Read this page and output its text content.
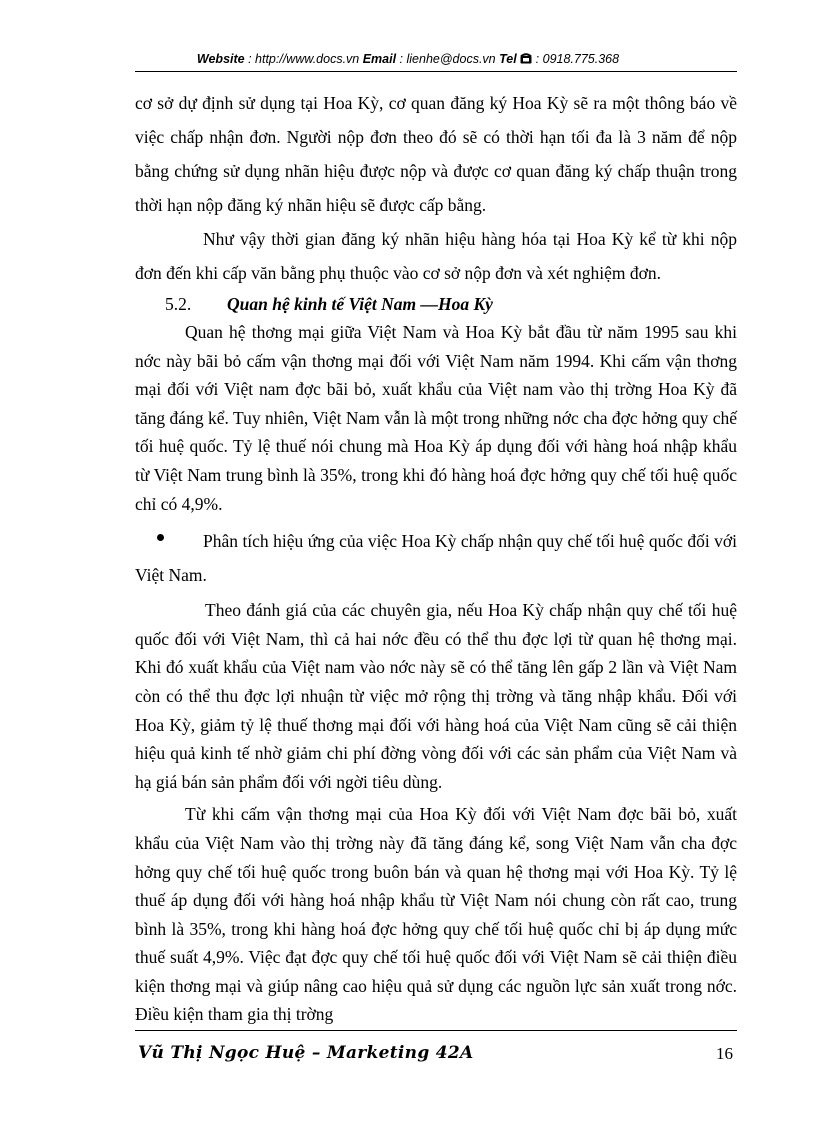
Website : http://www.docs.vn Email : lienhe@docs.vn Tel  : 0918.775.368

cơ sở dự định sử dụng tại Hoa Kỳ, cơ quan đăng ký Hoa Kỳ sẽ ra một thông báo về việc chấp nhận đơn. Người nộp đơn theo đó sẽ có thời hạn tối đa là 3 năm để nộp bằng chứng sử dụng nhãn hiệu được nộp và được cơ quan đăng ký chấp thuận trong thời hạn nộp đăng ký nhãn hiệu sẽ được cấp bằng.

Như vậy thời gian đăng ký nhãn hiệu hàng hóa tại Hoa Kỳ kể từ khi nộp đơn đến khi cấp văn bằng phụ thuộc vào cơ sở nộp đơn và xét nghiệm đơn.

5.2. Quan hệ kinh tế Việt Nam —Hoa Kỳ

Quan hệ thơng mại giữa Việt Nam và Hoa Kỳ bắt đầu từ năm 1995 sau khi nớc này bãi bỏ cấm vận thơng mại đối với Việt Nam năm 1994. Khi cấm vận thơng mại đối với Việt nam đợc bãi bỏ, xuất khẩu của Việt nam vào thị trờng Hoa Kỳ đã tăng đáng kể. Tuy nhiên, Việt Nam vẫn là một trong những nớc cha đợc hởng quy chế tối huệ quốc. Tỷ lệ thuế nói chung mà Hoa Kỳ áp dụng đối với hàng hoá nhập khẩu từ Việt Nam trung bình là 35%, trong khi đó hàng hoá đợc hởng quy chế tối huệ quốc chỉ có 4,9%.

Phân tích hiệu ứng của việc Hoa Kỳ chấp nhận quy chế tối huệ quốc đối với Việt Nam.

Theo đánh giá của các chuyên gia, nếu Hoa Kỳ chấp nhận quy chế tối huệ quốc đối với Việt Nam, thì cả hai nớc đều có thể thu đợc lợi từ quan hệ thơng mại. Khi đó xuất khẩu của Việt nam vào nớc này sẽ có thể tăng lên gấp 2 lần và Việt Nam còn có thể thu đợc lợi nhuận từ việc mở rộng thị trờng và tăng nhập khẩu. Đối với Hoa Kỳ, giảm tỷ lệ thuế thơng mại đối với hàng hoá của Việt Nam cũng sẽ cải thiện hiệu quả kinh tế nhờ giảm chi phí đờng vòng đối với các sản phẩm của Việt Nam và hạ giá bán sản phẩm đối với ngời tiêu dùng.

Từ khi cấm vận thơng mại của Hoa Kỳ đối với Việt Nam đợc bãi bỏ, xuất khẩu của Việt Nam vào thị trờng này đã tăng đáng kể, song Việt Nam vẫn cha đợc hởng quy chế tối huệ quốc trong buôn bán và quan hệ thơng mại với Hoa Kỳ. Tỷ lệ thuế áp dụng đối với hàng hoá nhập khẩu từ Việt Nam nói chung còn rất cao, trung bình là 35%, trong khi hàng hoá đợc hởng quy chế tối huệ quốc chỉ bị áp dụng mức thuế suất 4,9%. Việc đạt đợc quy chế tối huệ quốc đối với Việt Nam sẽ cải thiện điều kiện thơng mại và giúp nâng cao hiệu quả sử dụng các nguồn lực sản xuất trong nớc. Điều kiện tham gia thị trờng

Vũ Thị Ngọc Huệ – Marketing 42A	16
